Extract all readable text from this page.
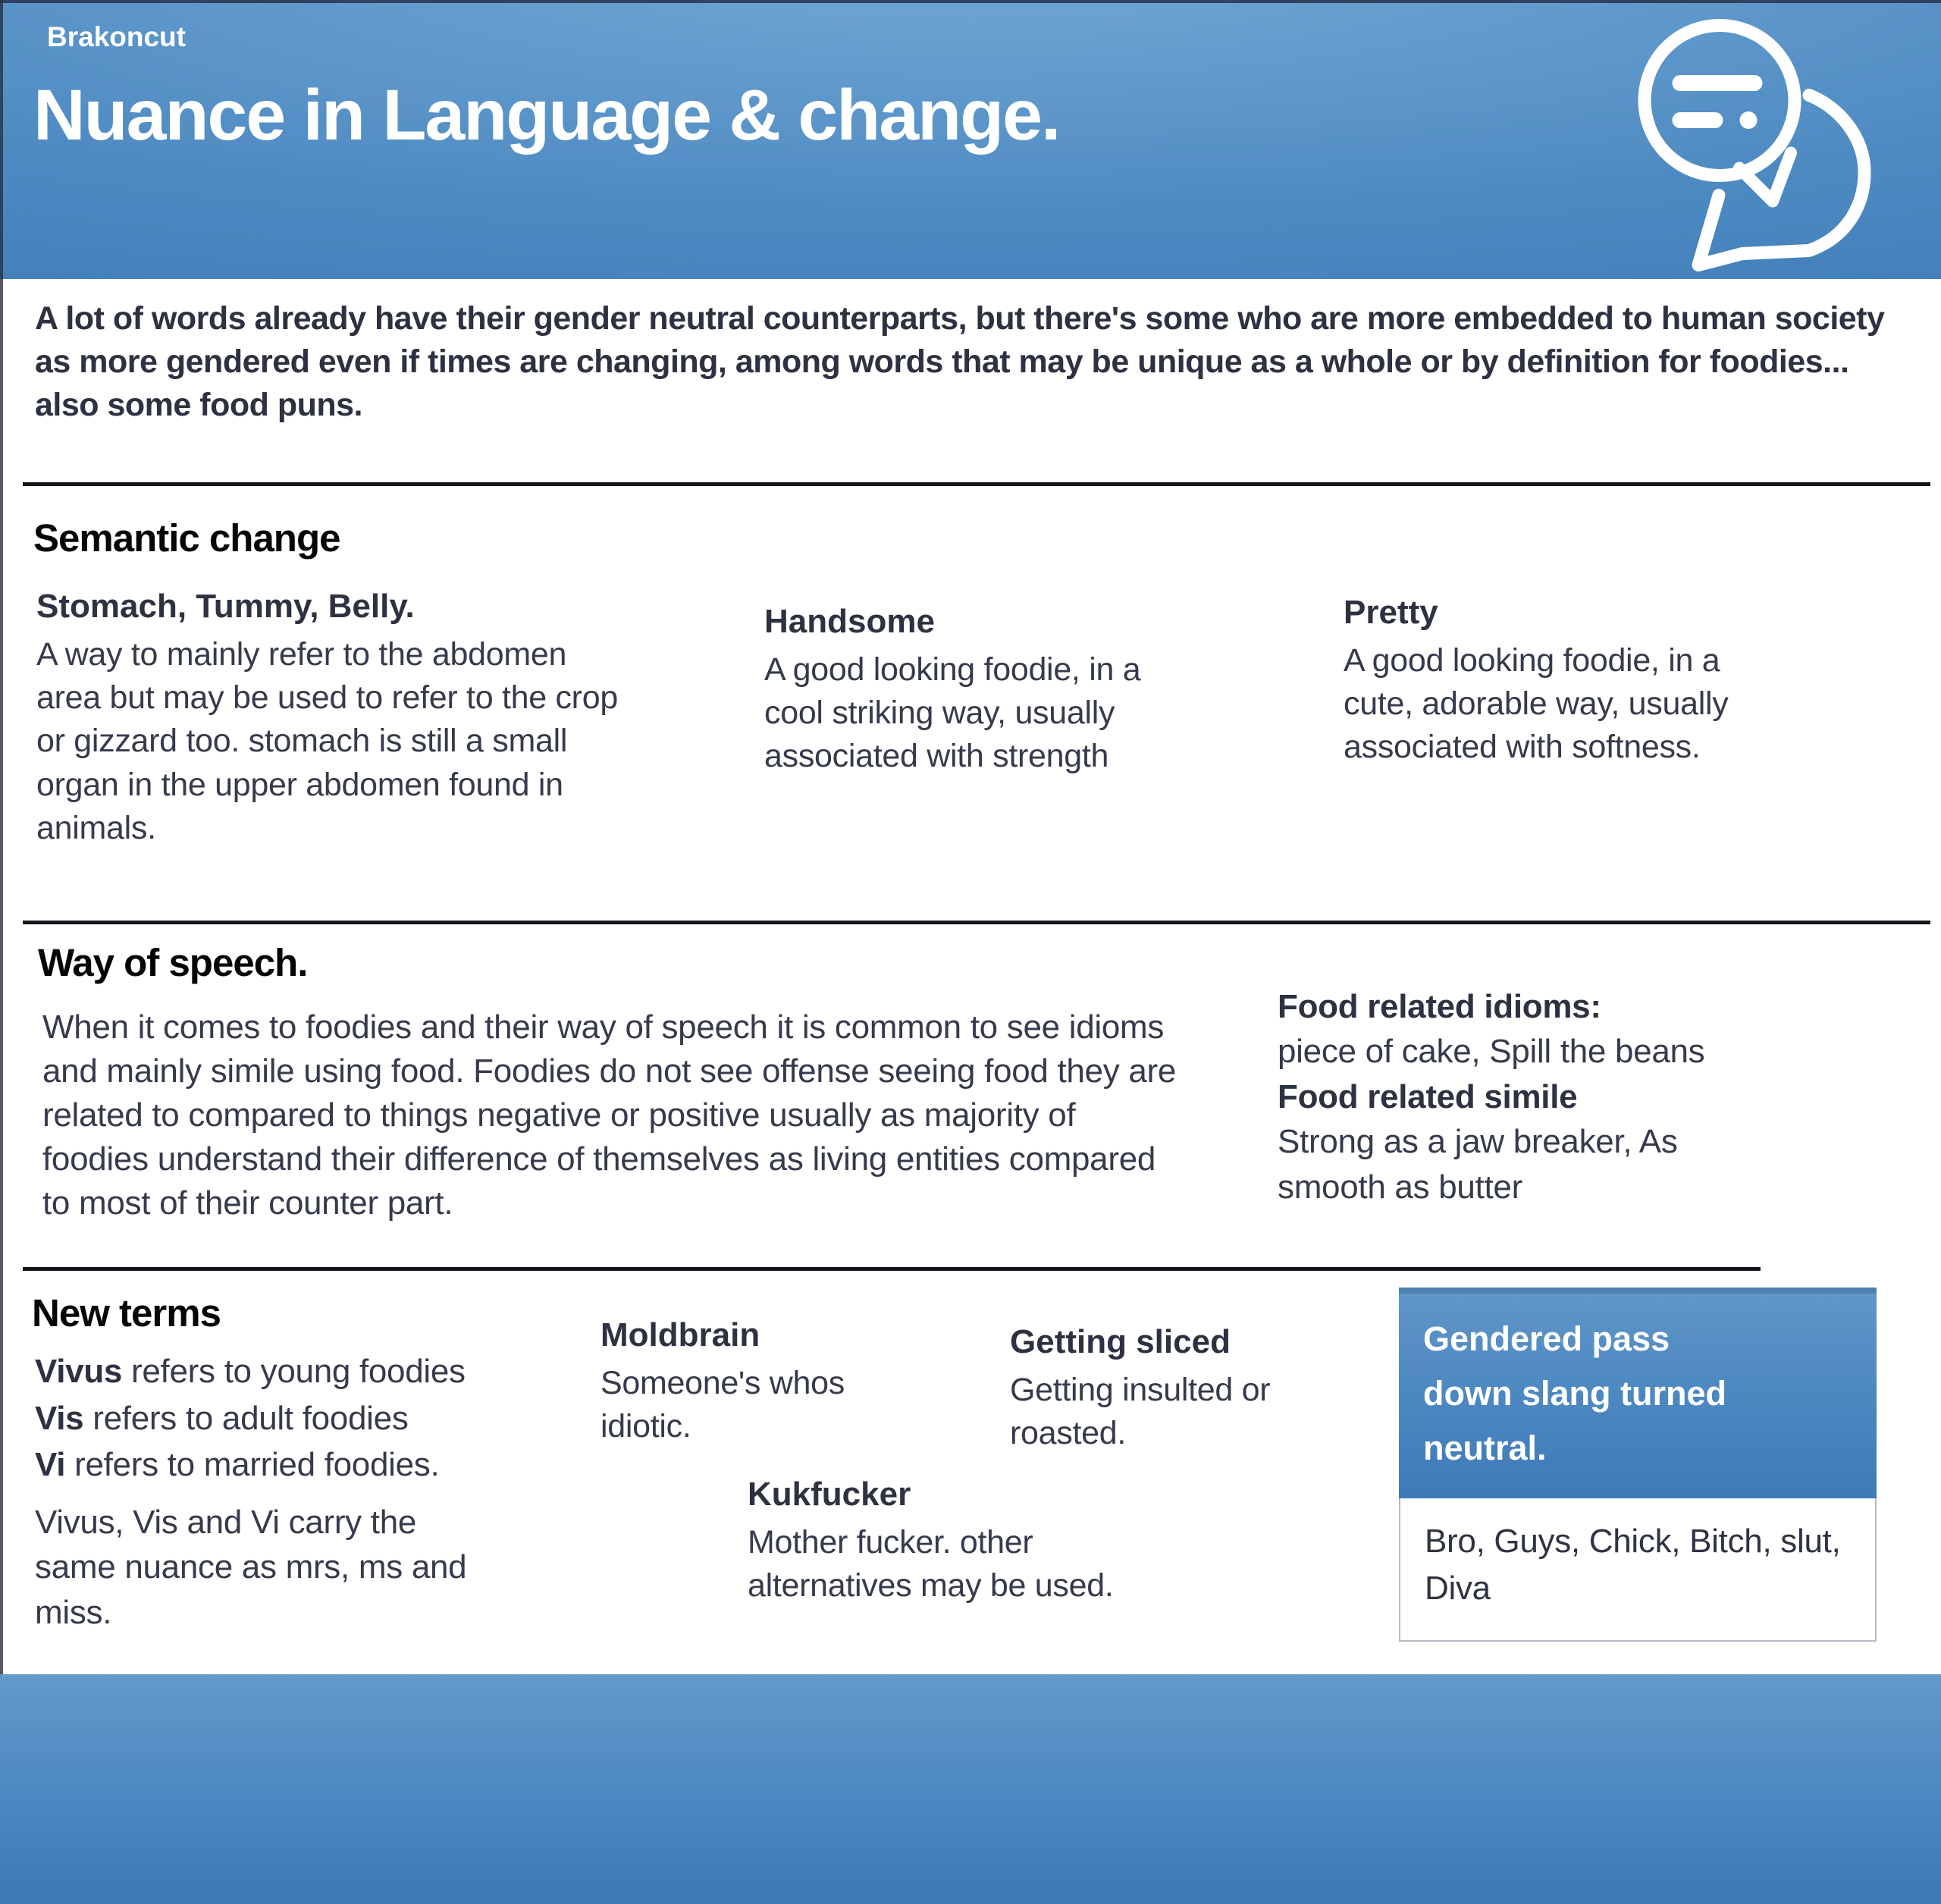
Brakoncut
Nuance in Language & change.
A lot of words already have their gender neutral counterparts, but there's some who are more embedded to human society as more gendered even if times are changing, among words that may be unique as a whole or by definition for foodies... also some food puns.
Semantic change
Stomach, Tummy, Belly.
A way to mainly refer to the abdomen area but may be used to refer to the crop or gizzard too. stomach is still a small organ in the upper abdomen found in animals.
Handsome
A good looking foodie, in a cool striking way, usually associated with strength
Pretty
A good looking foodie, in a cute, adorable way, usually associated with softness.
Way of speech.
When it comes to foodies and their way of speech it is common to see idioms and mainly simile using food. Foodies do not see offense seeing food they are related to compared to things negative or positive usually as majority of foodies understand their difference of themselves as living entities compared to most of their counter part.
Food related idioms:
piece of cake, Spill the beans
Food related simile
Strong as a jaw breaker, As smooth as butter
New terms
Vivus refers to young foodies
Vis refers to adult foodies
Vi refers to married foodies.
Vivus, Vis and Vi carry the same nuance as mrs, ms and miss.
Moldbrain
Someone's whos idiotic.
Kukfucker
Mother fucker. other alternatives may be used.
Getting sliced
Getting insulted or roasted.
Gendered pass down slang turned neutral.
Bro, Guys, Chick, Bitch, slut, Diva
